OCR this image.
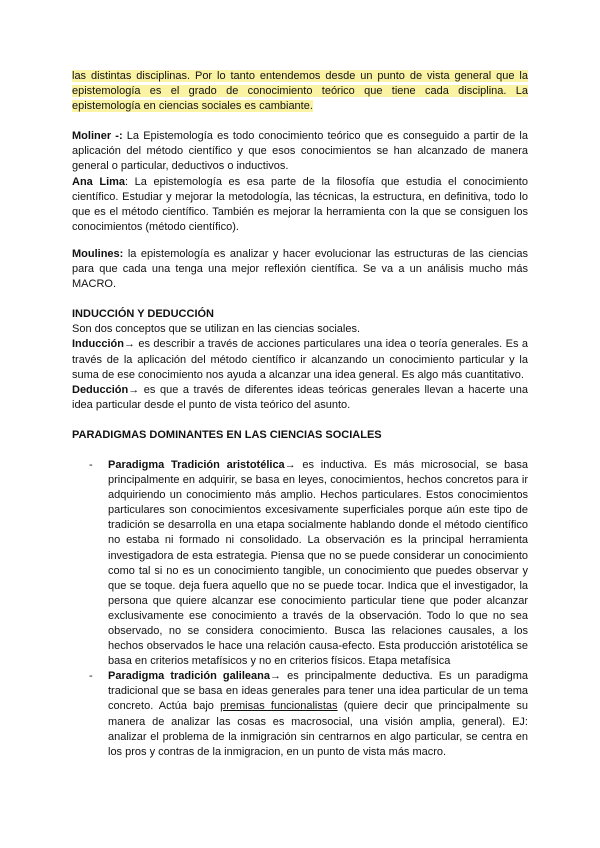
las distintas disciplinas. Por lo tanto entendemos desde un punto de vista general que la epistemología es el grado de conocimiento teórico que tiene cada disciplina. La epistemología en ciencias sociales es cambiante.

Moliner -: La Epistemología es todo conocimiento teórico que es conseguido a partir de la aplicación del método científico y que esos conocimientos se han alcanzado de manera general o particular, deductivos o inductivos.

Ana Lima: La epistemología es esa parte de la filosofía que estudia el conocimiento científico. Estudiar y mejorar la metodología, las técnicas, la estructura, en definitiva, todo lo que es el método científico. También es mejorar la herramienta con la que se consiguen los conocimientos (método científico).

Moulines: la epistemología es analizar y hacer evolucionar las estructuras de las ciencias para que cada una tenga una mejor reflexión científica. Se va a un análisis mucho más MACRO.

INDUCCIÓN Y DEDUCCIÓN

Son dos conceptos que se utilizan en las ciencias sociales.

Inducción→ es describir a través de acciones particulares una idea o teoría generales. Es a través de la aplicación del método científico ir alcanzando un conocimiento particular y la suma de ese conocimiento nos ayuda a alcanzar una idea general. Es algo más cuantitativo.

Deducción→ es que a través de diferentes ideas teóricas generales llevan a hacerte una idea particular desde el punto de vista teórico del asunto.

PARADIGMAS DOMINANTES EN LAS CIENCIAS SOCIALES

- Paradigma Tradición aristotélica→ es inductiva. Es más microsocial, se basa principalmente en adquirir, se basa en leyes, conocimientos, hechos concretos para ir adquiriendo un conocimiento más amplio. Hechos particulares. Estos conocimientos particulares son conocimientos excesivamente superficiales porque aún este tipo de tradición se desarrolla en una etapa socialmente hablando donde el método científico no estaba ni formado ni consolidado. La observación es la principal herramienta investigadora de esta estrategia. Piensa que no se puede considerar un conocimiento como tal si no es un conocimiento tangible, un conocimiento que puedes observar y que se toque. deja fuera aquello que no se puede tocar. Indica que el investigador, la persona que quiere alcanzar ese conocimiento particular tiene que poder alcanzar exclusivamente ese conocimiento a través de la observación. Todo lo que no sea observado, no se considera conocimiento. Busca las relaciones causales, a los hechos observados le hace una relación causa-efecto. Esta producción aristotélica se basa en criterios metafísicos y no en criterios físicos. Etapa metafísica
- Paradigma tradición galileana→ es principalmente deductiva. Es un paradigma tradicional que se basa en ideas generales para tener una idea particular de un tema concreto. Actúa bajo premisas funcionalistas (quiere decir que principalmente su manera de analizar las cosas es macrosocial, una visión amplia, general). EJ: analizar el problema de la inmigración sin centrarnos en algo particular, se centra en los pros y contras de la inmigracion, en un punto de vista más macro.
